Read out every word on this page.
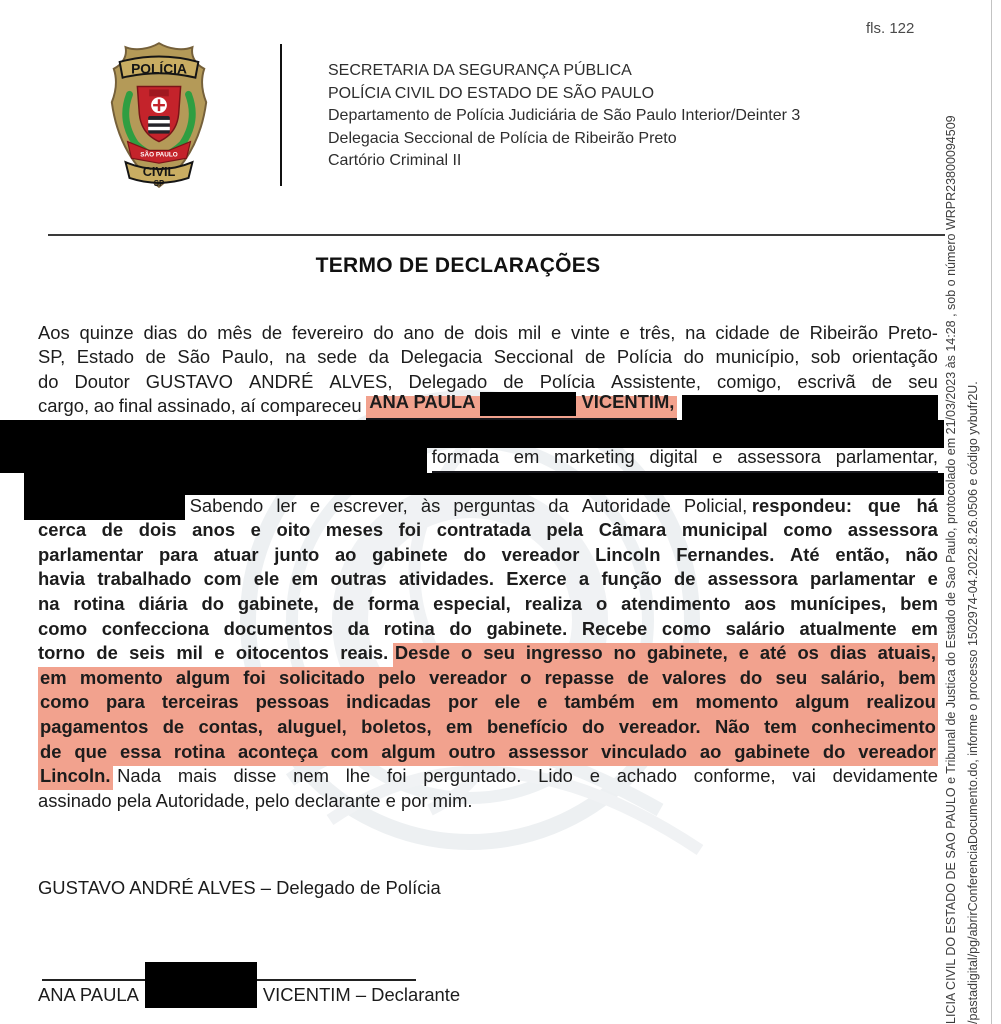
POLÍCIA
SÃO PAULO
CIVIL
SP
SECRETARIA DA SEGURANÇA PÚBLICA
POLÍCIA CIVIL DO ESTADO DE SÃO PAULO
Departamento de Polícia Judiciária de São Paulo Interior/Deinter 3
Delegacia Seccional de Polícia de Ribeirão Preto
Cartório Criminal II
fls. 122
TERMO DE DECLARAÇÕES
Aos quinze dias do mês de fevereiro do ano de dois mil e vinte e três, na cidade de Ribeirão Preto-
SP, Estado de São Paulo, na sede da Delegacia Seccional de Polícia do município, sob orientação
do Doutor GUSTAVO ANDRÉ ALVES, Delegado de Polícia Assistente, comigo, escrivã de seu
cargo, ao final assinado, aí compareceu ANA PAULA	VICENTIM,
formada em marketing digital e assessora parlamentar,
Sabendo ler e escrever, às perguntas da Autoridade Policial, respondeu: que há
cerca de dois anos e oito meses foi contratada pela Câmara municipal como assessora
parlamentar para atuar junto ao gabinete do vereador Lincoln Fernandes. Até então, não
havia trabalhado com ele em outras atividades. Exerce a função de assessora parlamentar e
na rotina diária do gabinete, de forma especial, realiza o atendimento aos munícipes, bem
como confecciona documentos da rotina do gabinete. Recebe como salário atualmente em
torno de seis mil e oitocentos reais. Desde o seu ingresso no gabinete, e até os dias atuais,
em momento algum foi solicitado pelo vereador o repasse de valores do seu salário, bem
como para terceiras pessoas indicadas por ele e também em momento algum realizou
pagamentos de contas, aluguel, boletos, em benefício do vereador. Não tem conhecimento
de que essa rotina aconteça com algum outro assessor vinculado ao gabinete do vereador
Lincoln. Nada mais disse nem lhe foi perguntado. Lido e achado conforme, vai devidamente
assinado pela Autoridade, pelo declarante e por mim.
GUSTAVO ANDRÉ ALVES – Delegado de Polícia
ANA PAULA	VICENTIM – Declarante	LICIA CIVIL DO ESTADO DE SAO PAULO e Tribunal de Justica do Estado de Sao Paulo, protocolado em 21/03/2023 às 14:28 , sob o número WRPR23800094509 /pastadigital/pg/abrirConferenciaDocumento.do, informe o processo 1502974-04.2022.8.26.0506 e código yvbufr2U.
